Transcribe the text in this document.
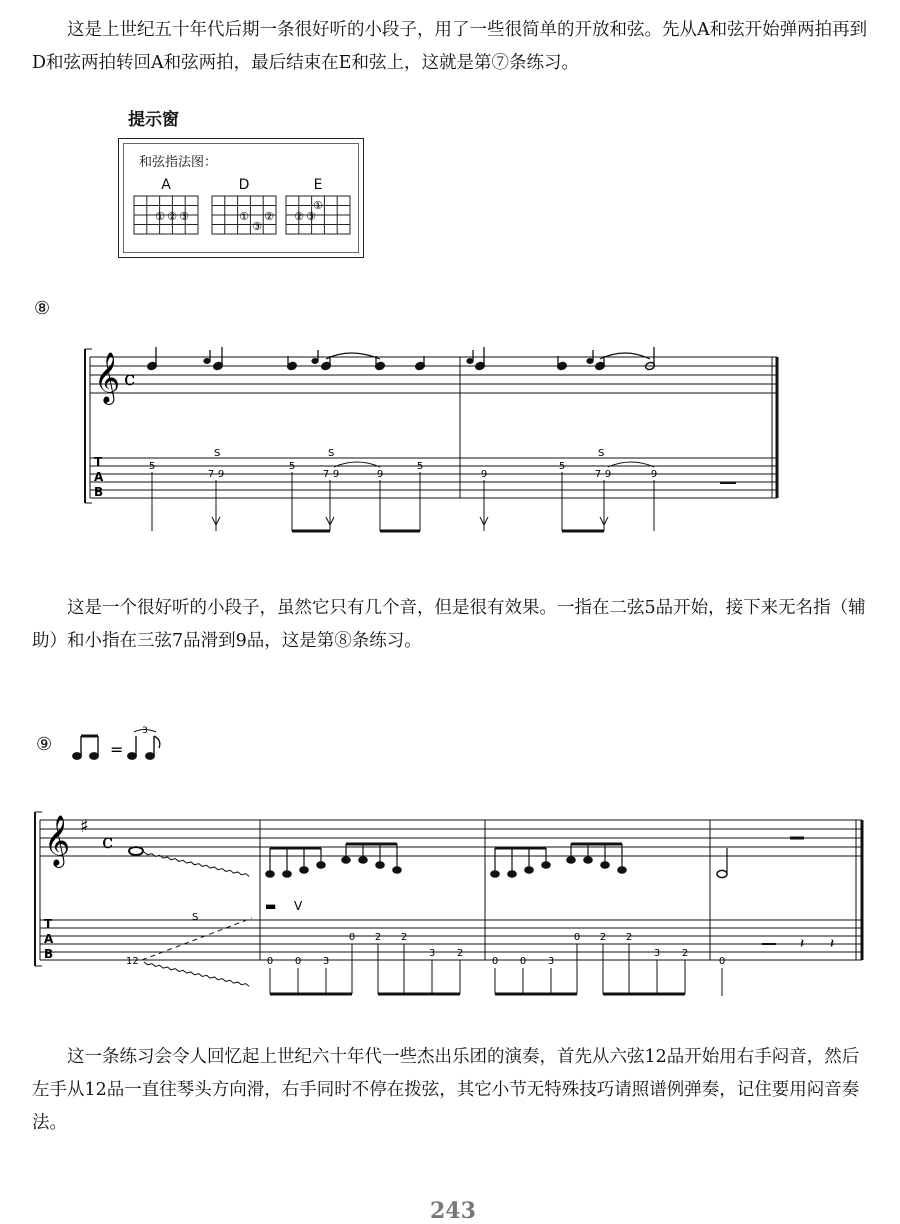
这是上世纪五十年代后期一条很好听的小段子，用了一些很简单的开放和弦。先从A和弦开始弹两拍再到D和弦两拍转回A和弦两拍，最后结束在E和弦上，这就是第⑦条练习。

提示窗
和弦指法图：
A
① ② ③
D
① ②
③
E
①
② ③
⑧
𝄞 c
T
A
B
S	S	S
5
7 9
5
7 9	9
5
9
5
7 9	9

这是一个很好听的小段子，虽然它只有几个音，但是很有效果。一指在二弦5品开始，接下来无名指（辅助）和小指在三弦7品滑到9品，这是第⑧条练习。

⑨	=
3
𝄞 ♯
c
▬ V
T
A
B
S
12	0 0 3
0 2 2
3 2
0 0 3
0 2 2
3 2
0
𝄽 𝄽

这一条练习会令人回忆起上世纪六十年代一些杰出乐团的演奏，首先从六弦12品开始用右手闷音，然后左手从12品一直往琴头方向滑，右手同时不停在拨弦，其它小节无特殊技巧请照谱例弹奏，记住要用闷音奏法。

243
